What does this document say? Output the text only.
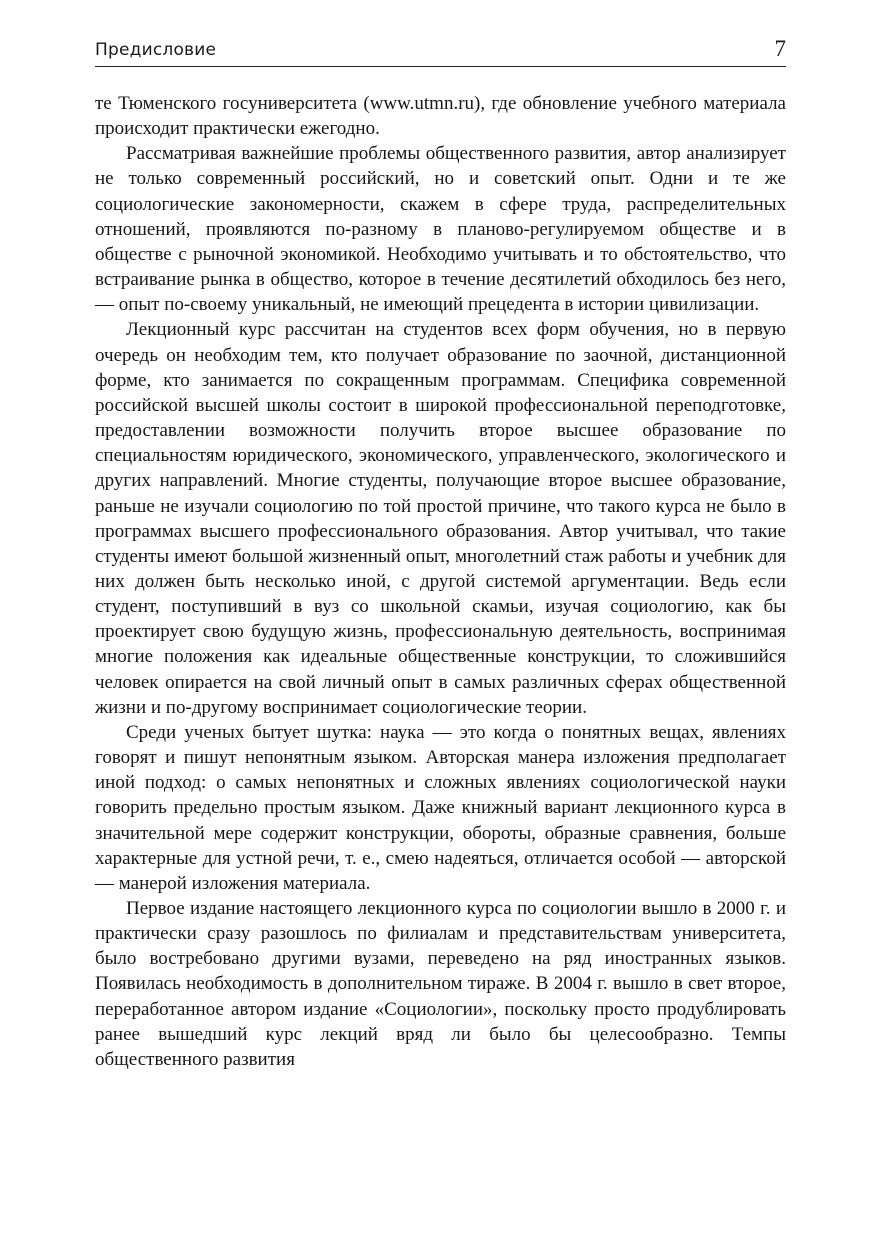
Предисловие	7

те Тюменского госуниверситета (www.utmn.ru), где обновление учебного материала происходит практически ежегодно.

Рассматривая важнейшие проблемы общественного развития, автор анализирует не только современный российский, но и советский опыт. Одни и те же социологические закономерности, скажем в сфере труда, распределительных отношений, проявляются по-разному в планово-регулируемом обществе и в обществе с рыночной экономикой. Необходимо учитывать и то обстоятельство, что встраивание рынка в общество, которое в течение десятилетий обходилось без него, — опыт по-своему уникальный, не имеющий прецедента в истории цивилизации.

Лекционный курс рассчитан на студентов всех форм обучения, но в первую очередь он необходим тем, кто получает образование по заочной, дистанционной форме, кто занимается по сокращенным программам. Специфика современной российской высшей школы состоит в широкой профессиональной переподготовке, предоставлении возможности получить второе высшее образование по специальностям юридического, экономического, управленческого, экологического и других направлений. Многие студенты, получающие второе высшее образование, раньше не изучали социологию по той простой причине, что такого курса не было в программах высшего профессионального образования. Автор учитывал, что такие студенты имеют большой жизненный опыт, многолетний стаж работы и учебник для них должен быть несколько иной, с другой системой аргументации. Ведь если студент, поступивший в вуз со школьной скамьи, изучая социологию, как бы проектирует свою будущую жизнь, профессиональную деятельность, воспринимая многие положения как идеальные общественные конструкции, то сложившийся человек опирается на свой личный опыт в самых различных сферах общественной жизни и по-другому воспринимает социологические теории.

Среди ученых бытует шутка: наука — это когда о понятных вещах, явлениях говорят и пишут непонятным языком. Авторская манера изложения предполагает иной подход: о самых непонятных и сложных явлениях социологической науки говорить предельно простым языком. Даже книжный вариант лекционного курса в значительной мере содержит конструкции, обороты, образные сравнения, больше характерные для устной речи, т. е., смею надеяться, отличается особой — авторской — манерой изложения материала.

Первое издание настоящего лекционного курса по социологии вышло в 2000 г. и практически сразу разошлось по филиалам и представительствам университета, было востребовано другими вузами, переведено на ряд иностранных языков. Появилась необходимость в дополнительном тираже. В 2004 г. вышло в свет второе, переработанное автором издание «Социологии», поскольку просто продублировать ранее вышедший курс лекций вряд ли было бы целесообразно. Темпы общественного развития
